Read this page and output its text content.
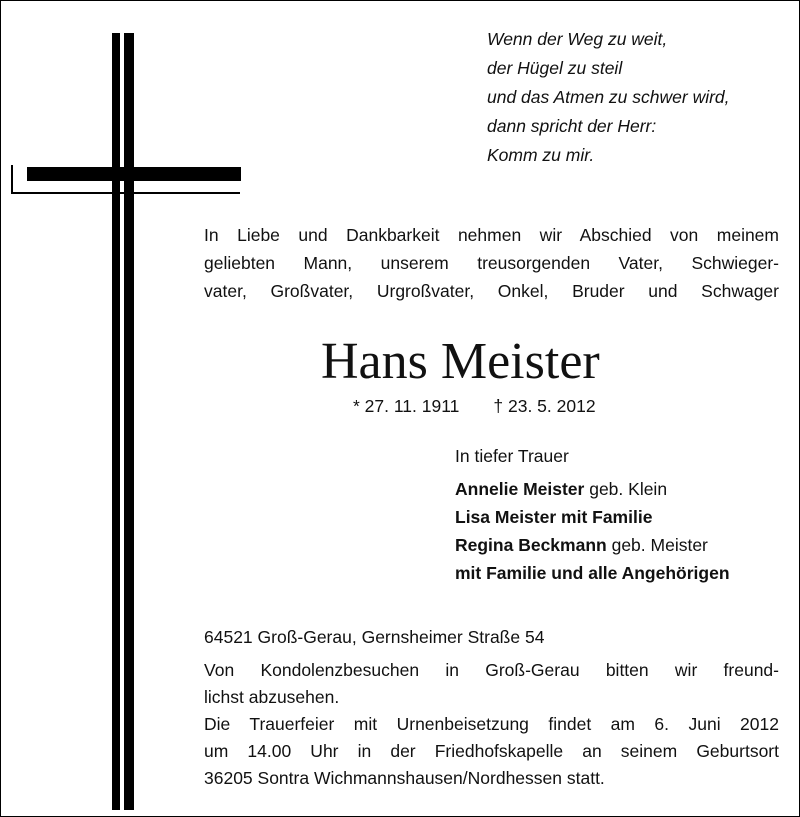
Wenn der Weg zu weit,
der Hügel zu steil
und das Atmen zu schwer wird,
dann spricht der Herr:
Komm zu mir.
In Liebe und Dankbarkeit nehmen wir Abschied von meinem
geliebten Mann, unserem treusorgenden Vater, Schwieger-
vater, Großvater, Urgroßvater, Onkel, Bruder und Schwager
Hans Meister
* 27. 11. 1911 † 23. 5. 2012
In tiefer Trauer
Annelie Meister geb. Klein
Lisa Meister mit Familie
Regina Beckmann geb. Meister
mit Familie und alle Angehörigen
64521 Groß-Gerau, Gernsheimer Straße 54
Von Kondolenzbesuchen in Groß-Gerau bitten wir freund-
lichst abzusehen.
Die Trauerfeier mit Urnenbeisetzung findet am 6. Juni 2012
um 14.00 Uhr in der Friedhofskapelle an seinem Geburtsort
36205 Sontra Wichmannshausen/Nordhessen statt.
